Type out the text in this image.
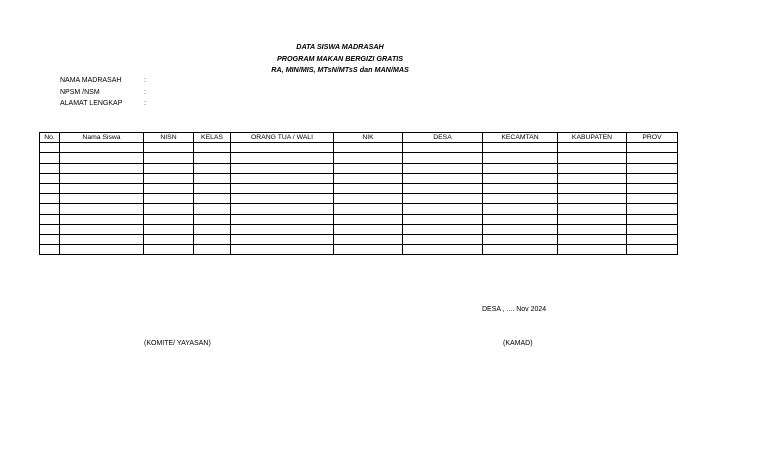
DATA SISWA MADRASAH
PROGRAM MAKAN BERGIZI GRATIS
RA, MIN/MIS, MTsN/MTsS dan MAN/MAS
NAMA MADRASAH	:
NPSM /NSM	:
ALAMAT LENGKAP	:
No.	Nama Siswa	NISN	KELAS	ORANG TUA / WALI	NIK	DESA	KECAMTAN	KABUPATEN	PROV

DESA , .... Nov 2024
(KOMITE/ YAYASAN)	(KAMAD)
